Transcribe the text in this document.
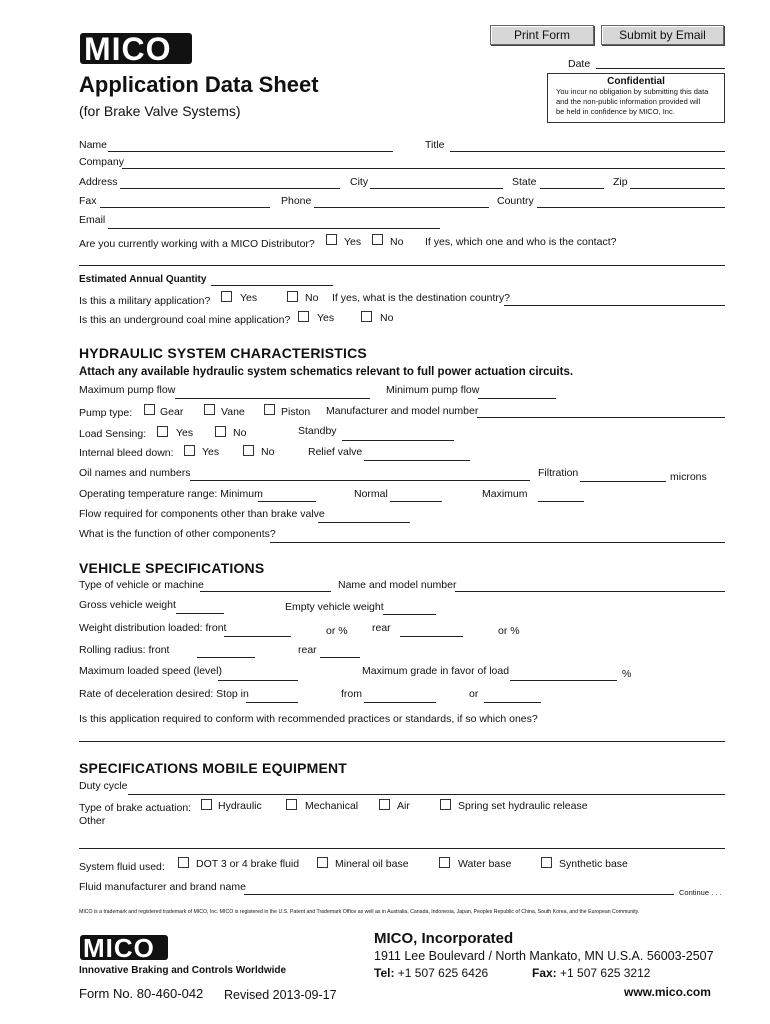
Print Form	Submit by Email
MICO	Date
Application Data Sheet
(for Brake Valve Systems)
Confidential
You incur no obligation by submitting this data
and the non-public information provided will
be held in confidence by MICO, Inc.
Name	Title
Company
Address	City	State	Zip
Fax	Phone	Country
Email
Are you currently working with a MICO Distributor?	Yes	No If yes, which one and who is the contact?
Estimated Annual Quantity
Is this a military application?	Yes	No If yes, what is the destination country?
Is this an underground coal mine application?	Yes	No
HYDRAULIC SYSTEM CHARACTERISTICS
Attach any available hydraulic system schematics relevant to full power actuation circuits.
Maximum pump flow	Minimum pump flow
Pump type:	Gear	Vane	Piston Manufacturer and model number
Load Sensing:	Yes	No	Standby
Internal bleed down:	Yes	No	Relief valve
Oil names and numbers	Filtration	microns
Operating temperature range: Minimum	Normal	Maximum
Flow required for components other than brake valve
What is the function of other components?
VEHICLE SPECIFICATIONS
Type of vehicle or machine	Name and model number
Gross vehicle weight	Empty vehicle weight
Weight distribution loaded: front	or % rear	or %
Rolling radius: front	rear
Maximum loaded speed (level)	Maximum grade in favor of load	%
Rate of deceleration desired: Stop in	from	or
Is this application required to conform with recommended practices or standards, if so which ones?
SPECIFICATIONS MOBILE EQUIPMENT
Duty cycle
Type of brake actuation:	Hydraulic	Mechanical	Air	Spring set hydraulic release
Other
System fluid used:	DOT 3 or 4 brake fluid	Mineral oil base	Water base	Synthetic base
Fluid manufacturer and brand name	Continue . . .
MICO is a trademark and registered trademark of MICO, Inc. MICO is registered in the U.S. Patent and Trademark Office as well as in Australia, Canada, Indonesia, Japan, Peoples Republic of China, South Korea, and the European Community.
MICO
Innovative Braking and Controls Worldwide
Form No. 80-460-042 Revised 2013-09-17
MICO, Incorporated
1911 Lee Boulevard / North Mankato, MN U.S.A. 56003-2507
Tel: +1 507 625 6426	Fax: +1 507 625 3212
www.mico.com
